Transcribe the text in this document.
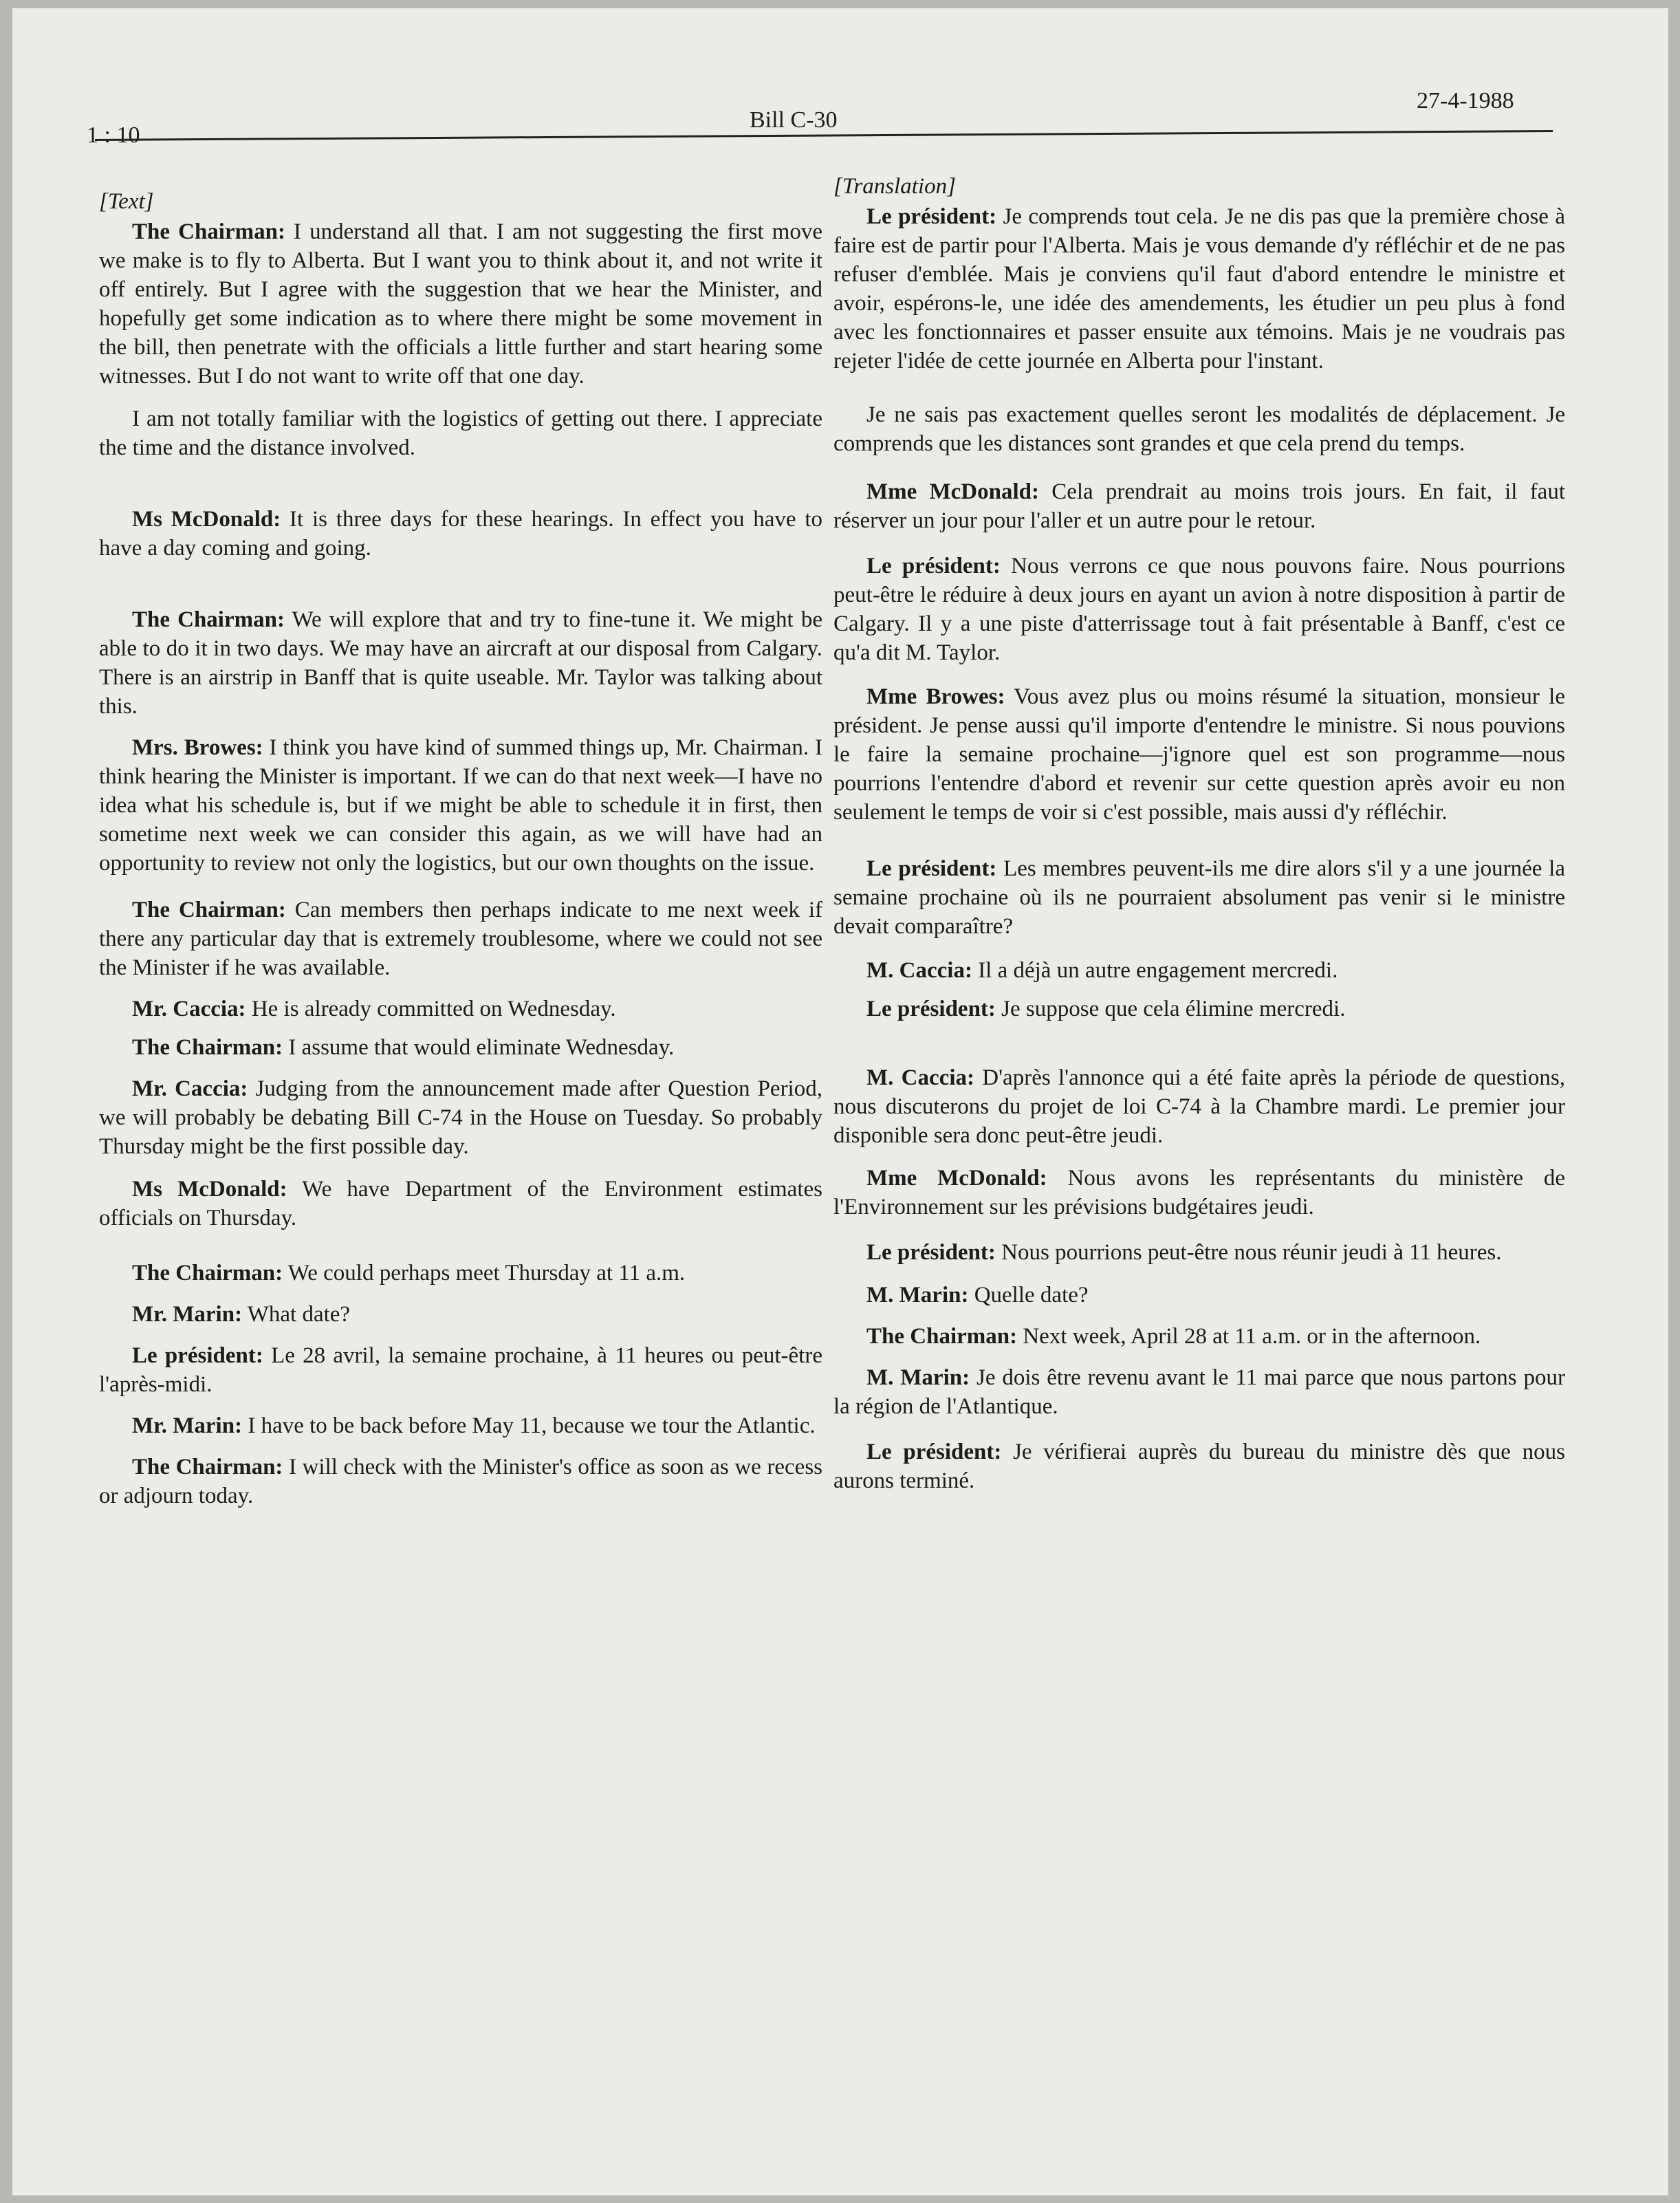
1 : 10
Bill C-30
27-4-1988
[Text]
The Chairman: I understand all that. I am not suggesting the first move we make is to fly to Alberta. But I want you to think about it, and not write it off entirely. But I agree with the suggestion that we hear the Minister, and hopefully get some indication as to where there might be some movement in the bill, then penetrate with the officials a little further and start hearing some witnesses. But I do not want to write off that one day.
I am not totally familiar with the logistics of getting out there. I appreciate the time and the distance involved.
Ms McDonald: It is three days for these hearings. In effect you have to have a day coming and going.
The Chairman: We will explore that and try to fine-tune it. We might be able to do it in two days. We may have an aircraft at our disposal from Calgary. There is an airstrip in Banff that is quite useable. Mr. Taylor was talking about this.
Mrs. Browes: I think you have kind of summed things up, Mr. Chairman. I think hearing the Minister is important. If we can do that next week—I have no idea what his schedule is, but if we might be able to schedule it in first, then sometime next week we can consider this again, as we will have had an opportunity to review not only the logistics, but our own thoughts on the issue.
The Chairman: Can members then perhaps indicate to me next week if there any particular day that is extremely troublesome, where we could not see the Minister if he was available.
Mr. Caccia: He is already committed on Wednesday.
The Chairman: I assume that would eliminate Wednesday.
Mr. Caccia: Judging from the announcement made after Question Period, we will probably be debating Bill C-74 in the House on Tuesday. So probably Thursday might be the first possible day.
Ms McDonald: We have Department of the Environment estimates officials on Thursday.
The Chairman: We could perhaps meet Thursday at 11 a.m.
Mr. Marin: What date?
Le président: Le 28 avril, la semaine prochaine, à 11 heures ou peut-être l'après-midi.
Mr. Marin: I have to be back before May 11, because we tour the Atlantic.
The Chairman: I will check with the Minister's office as soon as we recess or adjourn today.
[Translation]
Le président: Je comprends tout cela. Je ne dis pas que la première chose à faire est de partir pour l'Alberta. Mais je vous demande d'y réfléchir et de ne pas refuser d'emblée. Mais je conviens qu'il faut d'abord entendre le ministre et avoir, espérons-le, une idée des amendements, les étudier un peu plus à fond avec les fonctionnaires et passer ensuite aux témoins. Mais je ne voudrais pas rejeter l'idée de cette journée en Alberta pour l'instant.
Je ne sais pas exactement quelles seront les modalités de déplacement. Je comprends que les distances sont grandes et que cela prend du temps.
Mme McDonald: Cela prendrait au moins trois jours. En fait, il faut réserver un jour pour l'aller et un autre pour le retour.
Le président: Nous verrons ce que nous pouvons faire. Nous pourrions peut-être le réduire à deux jours en ayant un avion à notre disposition à partir de Calgary. Il y a une piste d'atterrissage tout à fait présentable à Banff, c'est ce qu'a dit M. Taylor.
Mme Browes: Vous avez plus ou moins résumé la situation, monsieur le président. Je pense aussi qu'il importe d'entendre le ministre. Si nous pouvions le faire la semaine prochaine—j'ignore quel est son programme—nous pourrions l'entendre d'abord et revenir sur cette question après avoir eu non seulement le temps de voir si c'est possible, mais aussi d'y réfléchir.
Le président: Les membres peuvent-ils me dire alors s'il y a une journée la semaine prochaine où ils ne pourraient absolument pas venir si le ministre devait comparaître?
M. Caccia: Il a déjà un autre engagement mercredi.
Le président: Je suppose que cela élimine mercredi.
M. Caccia: D'après l'annonce qui a été faite après la période de questions, nous discuterons du projet de loi C-74 à la Chambre mardi. Le premier jour disponible sera donc peut-être jeudi.
Mme McDonald: Nous avons les représentants du ministère de l'Environnement sur les prévisions budgétaires jeudi.
Le président: Nous pourrions peut-être nous réunir jeudi à 11 heures.
M. Marin: Quelle date?
The Chairman: Next week, April 28 at 11 a.m. or in the afternoon.
M. Marin: Je dois être revenu avant le 11 mai parce que nous partons pour la région de l'Atlantique.
Le président: Je vérifierai auprès du bureau du ministre dès que nous aurons terminé.
